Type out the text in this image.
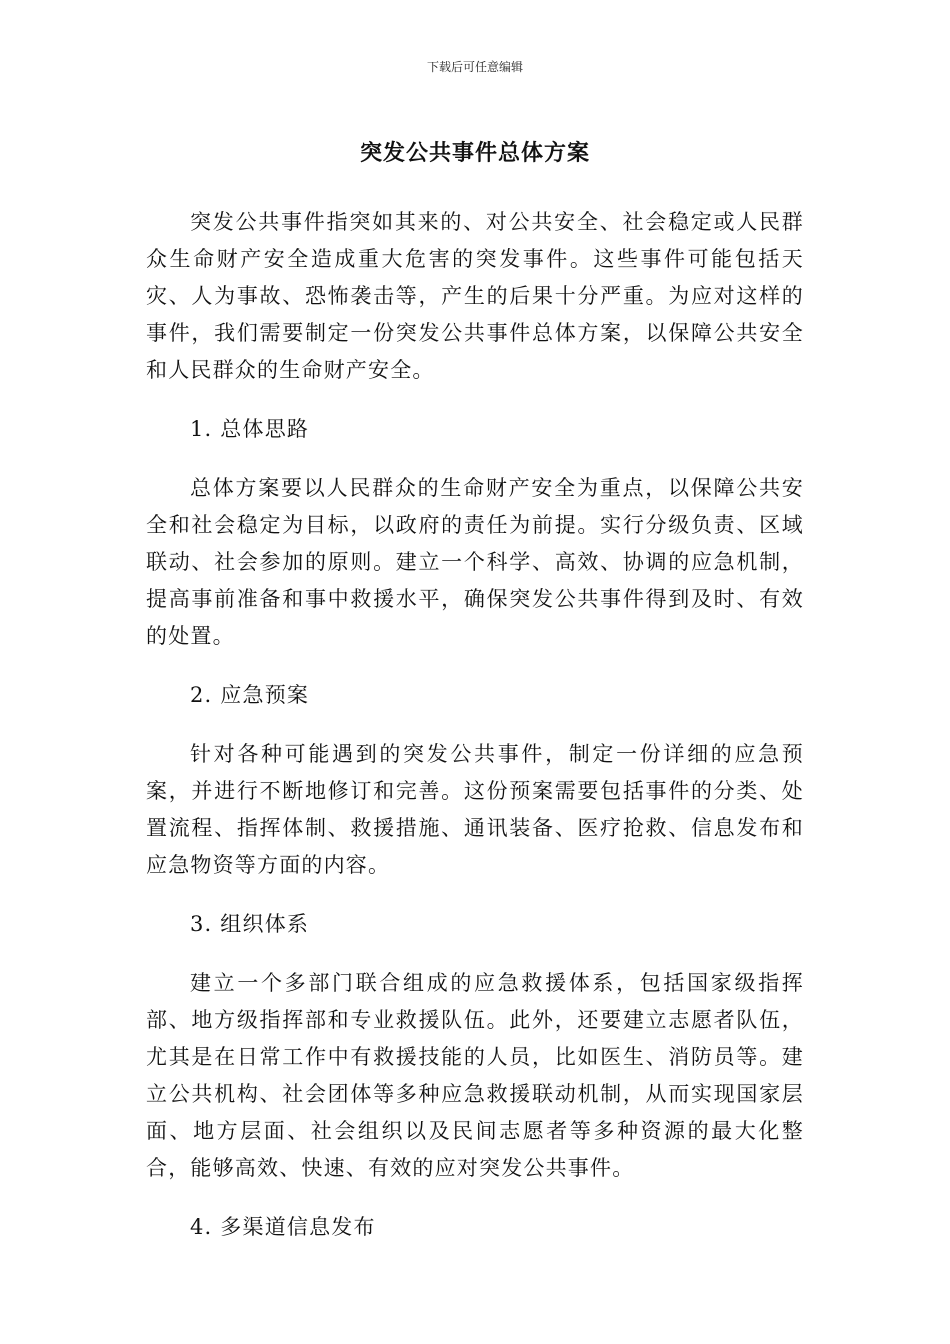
下载后可任意编辑
突发公共事件总体方案

突发公共事件指突如其来的、对公共安全、社会稳定或人民群众生命财产安全造成重大危害的突发事件。这些事件可能包括天灾、人为事故、恐怖袭击等，产生的后果十分严重。为应对这样的事件，我们需要制定一份突发公共事件总体方案，以保障公共安全和人民群众的生命财产安全。

1. 总体思路

总体方案要以人民群众的生命财产安全为重点，以保障公共安全和社会稳定为目标，以政府的责任为前提。实行分级负责、区域联动、社会参加的原则。建立一个科学、高效、协调的应急机制，提高事前准备和事中救援水平，确保突发公共事件得到及时、有效的处置。

2. 应急预案

针对各种可能遇到的突发公共事件，制定一份详细的应急预案，并进行不断地修订和完善。这份预案需要包括事件的分类、处置流程、指挥体制、救援措施、通讯装备、医疗抢救、信息发布和应急物资等方面的内容。

3. 组织体系

建立一个多部门联合组成的应急救援体系，包括国家级指挥部、地方级指挥部和专业救援队伍。此外，还要建立志愿者队伍，尤其是在日常工作中有救援技能的人员，比如医生、消防员等。建立公共机构、社会团体等多种应急救援联动机制，从而实现国家层面、地方层面、社会组织以及民间志愿者等多种资源的最大化整合，能够高效、快速、有效的应对突发公共事件。

4. 多渠道信息发布
